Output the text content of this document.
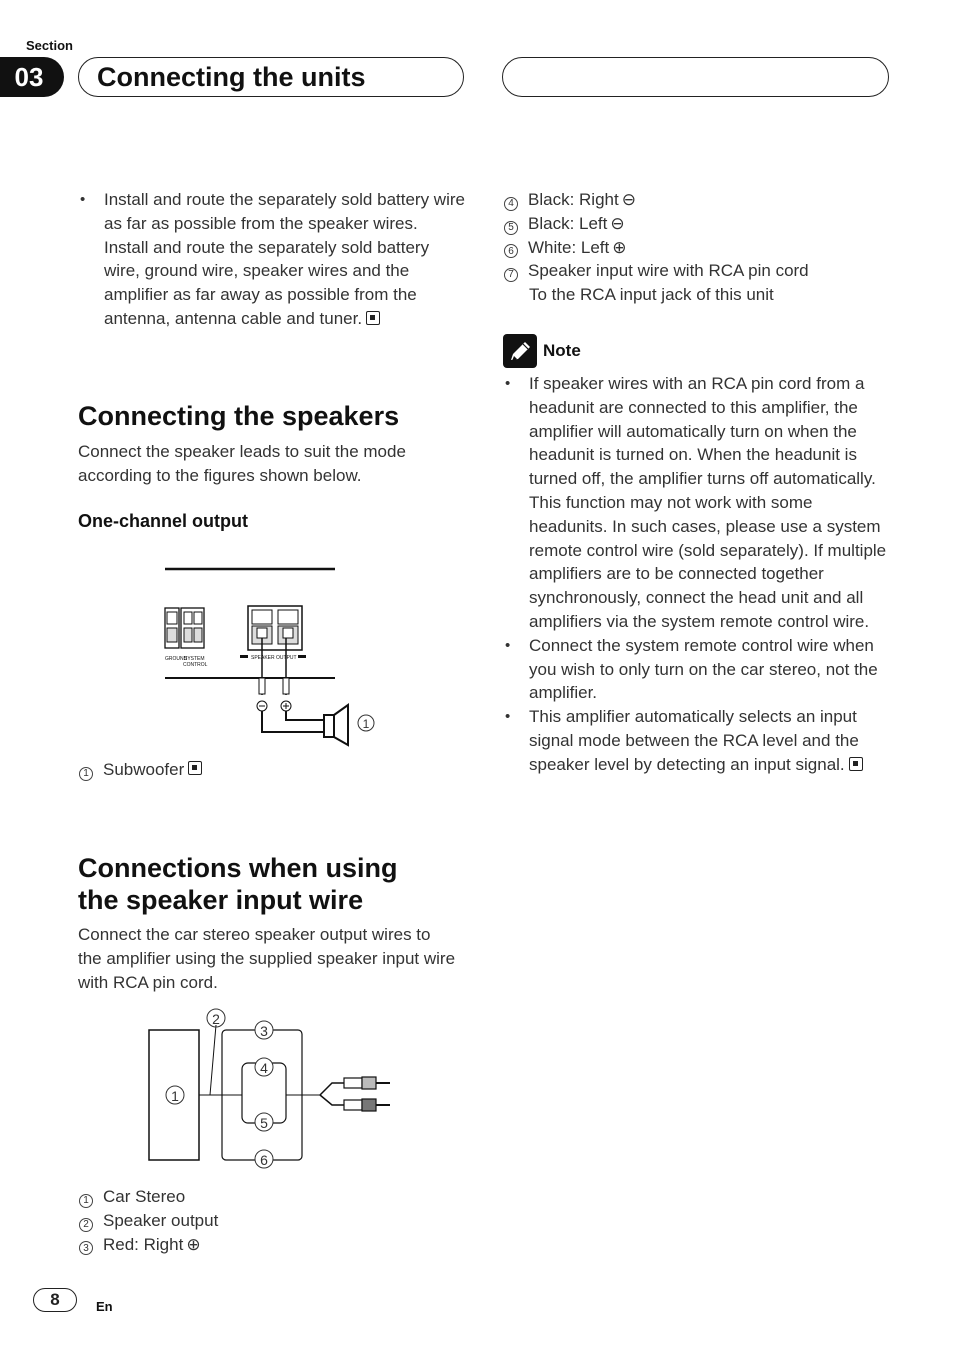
Section
03	Connecting the units
• Install and route the separately sold battery wire as far as possible from the speaker wires. Install and route the separately sold battery wire, ground wire, speaker wires and the amplifier as far away as possible from the antenna, antenna cable and tuner.
Connecting the speakers
Connect the speaker leads to suit the mode according to the figures shown below.
One-channel output
GROUND
SYSTEM
CONTROL
SPEAKER OUTPUT
1
1 Subwoofer
Connections when using
the speaker input wire
Connect the car stereo speaker output wires to the amplifier using the supplied speaker input wire with RCA pin cord.
1
2
3
4
5
6
1 Car Stereo
2 Speaker output
3 Red: Right ⊕
4 Black: Right ⊖
5 Black: Left ⊖
6 White: Left ⊕
7 Speaker input wire with RCA pin cord
To the RCA input jack of this unit
Note
• If speaker wires with an RCA pin cord from a headunit are connected to this amplifier, the amplifier will automatically turn on when the headunit is turned on. When the headunit is turned off, the amplifier turns off automatically. This function may not work with some headunits. In such cases, please use a system remote control wire (sold separately). If multiple amplifiers are to be connected together synchronously, connect the head unit and all amplifiers via the system remote control wire.
• Connect the system remote control wire when you wish to only turn on the car stereo, not the amplifier.
• This amplifier automatically selects an input signal mode between the RCA level and the speaker level by detecting an input signal.
8	En
